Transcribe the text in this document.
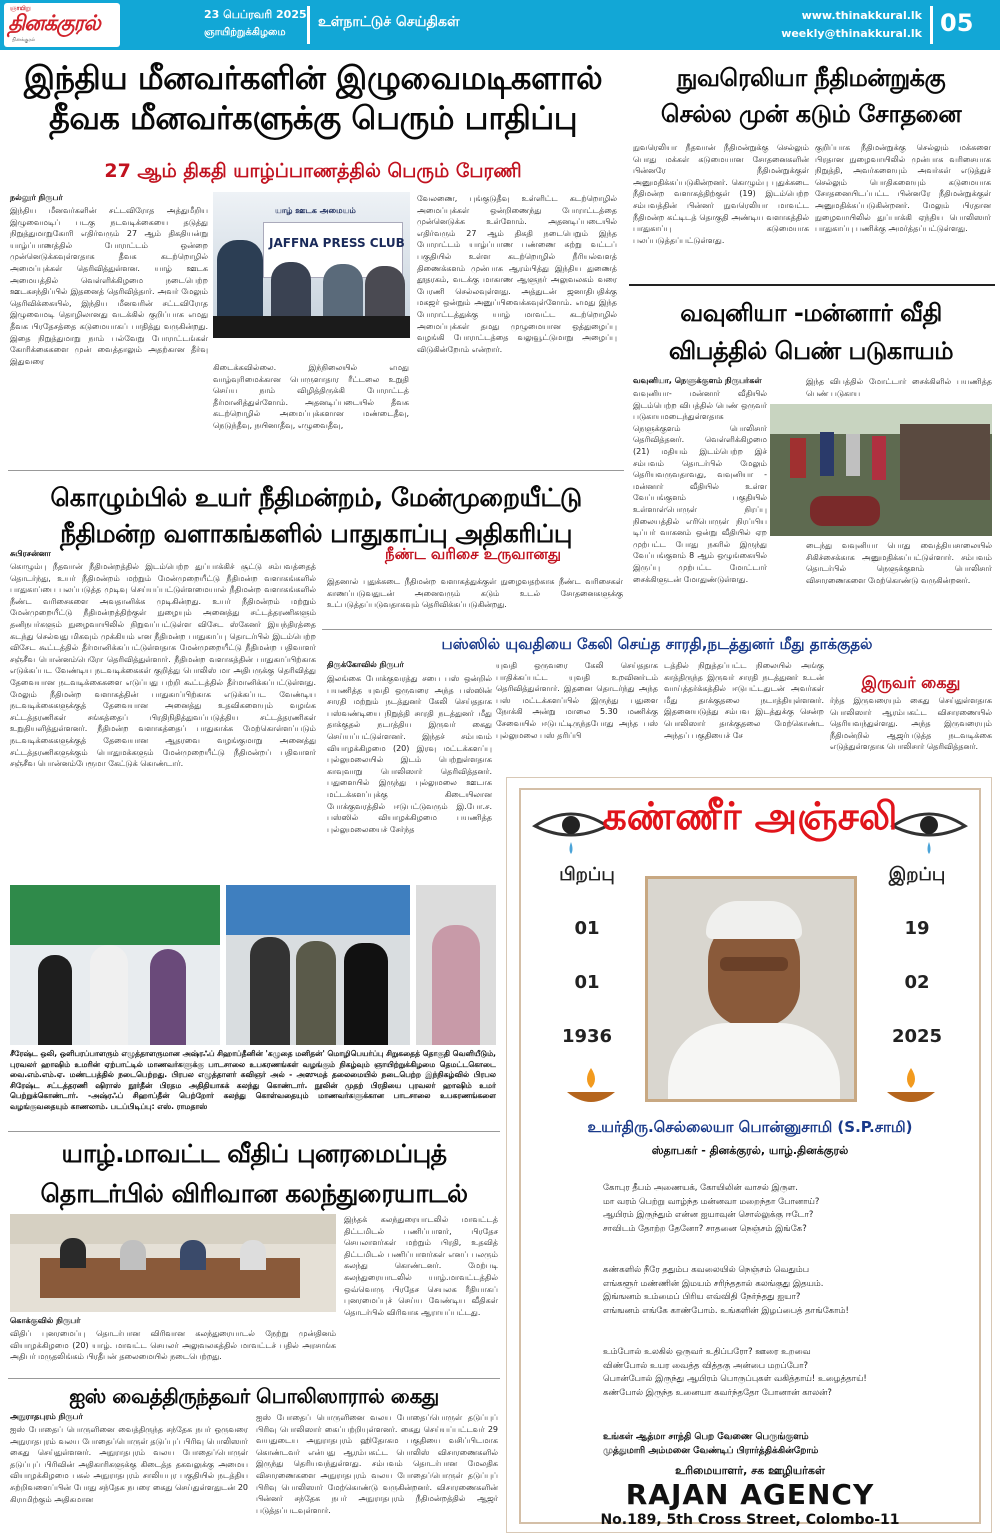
ஞாயிறு
தினக்குரல்
தினக்குரல்
23 பெப்ரவரி 2025
ஞாயிற்றுக்கிழமை
உள்நாட்டுச் செய்திகள்	www.thinakkural.lk
weekly@thinakkural.lk 05
இந்திய மீனவர்களின் இழுவைமடிகளால்
தீவக மீனவர்களுக்கு பெரும் பாதிப்பு
27 ஆம் திகதி யாழ்ப்பாணத்தில் பெரும் பேரணி
நல்லூர் நிருபர்
இந்திய மீனவர்களின் சட்டவிரோத அத்துமீறிய இழுவைமடிப் படகு நடவடிக்கையை தடுத்து நிறுத்துமாறுகோரி எதிர்வரும் 27 ஆம் திகதியன்று யாழ்ப்பாணத்தில் போராட்டம் ஒன்றை முன்னெடுக்கவுள்ளதாக தீவக கடற்றொழில் அமைப்புக்கள் தெரிவித்துள்ளன. யாழ் ஊடக அமையத்தில் வெள்ளிக்கிழமை நடைபெற்ற ஊடகசந்திப்பில் இதனைத் தெரிவித்தார். அவர் மேலும் தெரிவிக்கையில், இந்திய மீனவரின் சட்டவிரோத இழுவைமடி தொழிலானது வடக்கில் குறிப்பாக எமது தீவக பிரதேசத்தை கடுமையாகப் பாதித்து வருகின்றது. இதை நிறுத்துமாறு நாம் பல்வேறு போராட்டங்கள் கோரிக்கைகளை முன் வைத்தாலும் அதற்கான தீர்வு இதுவரை
யாழ் ஊடக அமையம்
JAFFNA PRESS CLUB
கிடைக்கவில்லை. இந்நிலையில் எமது வாழ்வுரிமைக்கான பொருளாதார ரீட்டலை உறுதி செய்ய நாம் விழித்திருக்கி போராட்டத் தீர்மானித்துள்ளோம். அதனடிப்படையில் தீவக கடற்றொழில் அமைப்புக்களான மண்டைதீவு, நெடுந்தீவு, நயினாதீவு, எழுவைதீவு,
வேலணை, புங்குடுதீவு உள்ளிட்ட கடற்றொழில் அமைப்புக்கள் ஒன்றிணைந்து போராட்டத்தை முன்னெடுக்க உள்ளோம். அதனடிப்படையில் எதிர்வரும் 27 ஆம் திகதி நடைபெறும் இந்த போராட்டம் யாழ்ப்பாண பண்ணை சுற்று வட்டப் பகுதியில் உள்ள கடற்றொழில் நீரியல்வளத் திணைக்களம் முன்பாக ஆரம்பித்து இந்திய துணைத் தூதரகம், வடக்கு மாகாண ஆளுநர் அலுவலகம் வரை பேரணி செல்லவுள்ளது. அத்துடன் ஜனாதிபதிக்கு மகஜர் ஒன்றும் அனுப்பிவைக்கவுள்ளோம். எமது இந்த போராட்டத்துக்கு யாழ் மாவட்ட கடற்றொழில் அமைப்புக்கள் தமது முழுமையான ஒத்துழைப்பு வழங்கி போராட்டத்தை வலுவூட்டுமாறு அழைப்பு விடுகின்றோம் என்றார்.
நுவரெலியா நீதிமன்றுக்கு
செல்ல முன் கடும் சோதனை
நுவரெலியா நீதவான் நீதிமன்றுக்கு செல்லும் பொது மக்கள் கடுமையான சோதனைகளின் பின்னரே நீதிமன்றுக்குள் அனுமதிக்கப்படுகின்றனர். கொழும்பு புதுக்கடை நீதிமன்ற வளாகத்திற்குள் (19) இடம்பெற்ற சம்பவத்தின் பின்னர் நுவரெலியா மாவட்ட நீதிமன்ற கட்டிடத் தொகுதி அண்டிய வளாகத்தில் பாதுகாப்பு கடுமையாக பலப்படுத்தப்பட்டுள்ளது.
குறிப்பாக நீதிமன்றுக்கு செல்லும் மக்களை பிரதான நுழைவாயிலில் முன்பாக வரிசையாக நிறுத்தி, அவர்களையும் அவர்கள் எடுத்துச் செல்லும் பொதிகளையும் கடுமையாக சோதனையிடப்பட்ட பின்னரே நீதிமன்றுக்குள் அனுமதிக்கப்படுகின்றனர். மேலும் பிரதான நுழைவாயிலில் துப்பாக்கி ஏந்திய பொலிஸார் பாதுகாப்பு பணிக்கு அமர்த்தப்பட்டுள்ளது.
வவுனியா -மன்னார் வீதி
விபத்தில் பெண் படுகாயம்
வவுனியா, நெளுக்குளம் நிருபர்கள்
வவுனியா- மன்னார் வீதியில் இடம்பெற்ற விபத்தில் பெண் ஒருவர் படுகாயமடைந்துள்ளதாக நெளுக்குளம் பொலிசார் தெரிவித்தனர். வெள்ளிக்கிழமை (21) மதியம் இடம்பெற்ற இச் சம்பவம் தொடர்பில் மேலும் தெரியவருவதாவது, வவுனியா - மன்னார் வீதியில் உள்ள வேப்பங்குளம் பகுதியில் உள்ளாள்பொருள் நிரப்பு நிலையத்தில் எரிபொருள் நிரப்பிய டிப்பர் வாகனம் ஒன்று வீதியில் ஏற முற்பட்ட போது நகரில் இருந்து வேப்பங்குளம் 8 ஆம் ஒழுங்கையில் இருப்பு முற்பட்ட மோட்டார் சைக்கிளுடன் மோதுண்டுள்ளது.
இந்த விபத்தில் மோட்டார் சைக்கிளில் பயணித்த பெண் படுகாய
டைந்து வவுனியா பொது வைத்தியசாலையில் சிகிச்சைக்காக அனுமதிக்கப்பட்டுள்ளார். சம்பவம் தொடர்பில் நெளுக்குளம் பொலிசார் விசாரணைகளை மேற்கொண்டு வருகின்றனர்.
கொழும்பில் உயர் நீதிமன்றம், மேன்முறையீட்டு
நீதிமன்ற வளாகங்களில் பாதுகாப்பு அதிகரிப்பு
சுபிரசன்னா	நீண்ட வரிசை உருவானது
கொழும்பு நீதவான் நீதிமன்றத்தில் இடம்பெற்ற துப்பாக்கிச் சூட்டு சம்பவத்தைத் தொடர்ந்து, உயர் நீதிமன்றம் மற்றும் மேன்முறையீட்டு நீதிமன்ற வளாகங்களில் பாதுகாப்பை பலப்படுத்த முடிவு செய்யப்பட்டுள்ளமையால் நீதிமன்ற வளாகங்களில் நீண்ட வரிசைகளை அவதானிக்க முடிகின்றது. உயர் நீதிமன்றம் மற்றும் மேன்முறையீட்டு நீதிமன்றத்திற்குள் நுழையும் அனைத்து சட்டத்தரணிகளும் தனிநபர்களும் நுழைவாயிலில் நிறுவப்பட்டுள்ள விசேட ஸ்கேனர் இயந்திரத்தை கடந்து செல்வது மிகவும் முக்கியம் என நீதிமன்ற பாதுகாப்பு தொடர்பில் இடம்பெற்ற விசேட கூட்டத்தில் தீர்மானிக்கப்பட்டுள்ளதாக மேன்முறையீட்டு நீதிமன்ற பதிவாளர் சஞ்சீவ பொன்னம்பெரோ தெரிவித்துள்ளார். நீதிமன்ற வளாகத்தின் பாதுகாப்பிற்காக எடுக்கப்பட வேண்டிய நடவடிக்கைகள் குறித்து பொலிஸ் மா அதிபருக்கு தெரிவித்து தேவையான நடவடிக்கைகளை எடுப்பது பற்றி கூட்டத்தில் தீர்மானிக்கப்பட்டுள்ளது. மேலும் நீதிமன்ற வளாகத்தின் பாதுகாப்பிற்காக எடுக்கப்பட வேண்டிய நடவடிக்கைகளுக்குத் தேவையான அனைத்து உதவிகளையும் வழங்க சட்டத்தரணிகள் சங்கத்தைப் பிரதிநிதித்துவப்படுத்திய சட்டத்தரணிகள் உறுதியளித்துள்ளனர். நீதிமன்ற வளாகத்தைப் பாதுகாக்க மேற்கொள்ளப்படும் நடவடிக்கைகளுக்குத் தேவையான ஆதரவை வழங்குமாறு அனைத்து சட்டத்தரணிகளுக்கும் பொதுமக்களும் மேன்முறையீட்டு நீதிமன்றப் பதிவாளர் சஞ்சீவ பொன்னம்பேரூமா கேட்டுக் கொண்டார்.
இதனால் புதுக்கடை நீதிமன்ற வளாகத்துக்குள் நுழைவதற்காக நீண்ட வரிசைகள் காணப்படுவதுடன் அனைவரும் கடும் உடல் சோதனைகளுக்கு உட்படுத்தப்படுவதாகவும் தெரிவிக்கப்படுகின்றது.
பஸ்ஸில் யுவதியை கேலி செய்த சாரதி,நடத்துனர் மீது தாக்குதல்
திருக்கோவில் நிருபர்
இலங்கை போக்குவரத்து சபை பஸ் ஒன்றில் பயணித்த யுவதி ஒருவரை அந்த பஸ்ஸின் சாரதி மற்றும் நடத்துனர் கேலி செய்ததாக பஸ்வண்டியை நிறுத்தி சாரதி நடத்துனர் மீது தாக்குதல் நடாத்திய இருவர் கைது செய்யப்பட்டுள்ளனர். இந்தச் சம்பவம் வியாழக்கிழமை (20) இரவு மட்டக்களப்பு புல்லுமலையில் இடம் பெற்றுள்ளதாக காவுவாறு பொலிஸார் தெரிவித்தனர். பதுளையில் இருந்து புல்லுமலை ஊடாக மட்டக்களப்புக்கு கிடையிலான போக்குவரத்தில் ஈடுபட்டுவரும் இ.போ.ச. பஸ்ஸில் வியாழக்கிழமை பயணித்த புல்லுமலையைச் சேர்ந்த
யுவதி ஒருவரை கேலி செய்ததாக பாதிக்கப்பட்ட யுவதி உறவினர்டம் தெரிவித்துள்ளார். இதனை தொடர்ந்து அந்த பஸ் மட்டக்களப்பில் இருந்து பதுளை நோக்கி அன்று மாலை 5.30 மணிக்கு சேவையில் ஈடுபட்டிருந்தபோது அந்த பஸ் புல்லுமலை பஸ் தரிப்பி
டத்தில் நிறுத்தப்பட்ட நிலையில் அங்கு காத்திருந்த இருவர் சாரதி நடத்துனர் உடன் வாய்த்தர்க்கத்தில் ஈடுபட்டதுடன் அவர்கள் மீது தாக்குதலை நடாத்தியுள்ளனர். இதனையடுத்து சம்பவ இடத்துக்கு சென்ற பொலிஸார் தாக்குதலை மேற்கொண்ட அந்தப் பகுதியைச் சே
இருவர் கைது
ர்ந்த இருவரையும் கைது செய்துள்ளதாக பொலிஸார் ஆரம்பகட்ட விசாரணையில் தெரியவந்துள்ளது. அந்த இருவரையும் நீதிமன்றில் ஆஜர்படுத்த நடவடிக்கை எடுத்துள்ளதாக பொலிசார் தெரிவித்தனர்.
சீரேஷ்ட ஒலி, ஒளிபரப்பாளரும் எழுத்தாளருமான அஷ்ரஃப் சிஹாப்தீனின் 'கழுதை மனிதன்' மொழிபெயர்ப்பு சிறுகதைத் தொகுதி வெளியீடும், புரவலர் ஹாஷிம் உமரின் ஏற்பாட்டில் மாணவர்களுக்கு பாடசாலை உபகரணங்கள் வழங்கும் நிகழ்வும் ஞாயிற்றுக்கிழமை தெமட்டகொடை வை.எம்.எம்.ஏ. மண்டபத்தில் நடைபெற்றது. பிரபல எழுத்தாளர் கவிஞர் அல் - அஸுமத் தலைமையில் நடைபெற்ற இந்நிகழ்வில் பிரபல சிரேஷ்ட சட்டத்தரணி ஷிராஸ் நூர்தீன் பிரதம அதிதியாகக் கலந்து கொண்டார். நூலின் முதற் பிரதியை புரவலர் ஹாஷிம் உமர் பெற்றுக்கொண்டார். -அஷ்ரஃப் சிஹாப்தீன் பெற்றோர் கலந்து கொள்வதையும் மாணவர்களுக்கான பாடசாலை உபகரணங்களை வழங்குவதையும் காணலாம். படப்பிடிப்பு: எஸ். ராமதாஸ்
யாழ்.மாவட்ட வீதிப் புனரமைப்புத்
தொடர்பில் விரிவான கலந்துரையாடல்
கொக்குவில் நிருபர்
விதிப் புனரமைப்பு தொடர்பான விரிவான கலந்துரையாடல் நேற்று முன்தினம் வியாழக்கிழமை (20) யாழ். மாவட்ட செயலர் அலுவலகத்தில் மாவட்டச் பதில் அரசாங்க அதிபர் மருதலிங்கம் பிரதீபன் தலைமையில் நடைபெற்றது.
இந்தக் கலந்துரையாடலில் மாவட்டத் திட்டமிடல் பணிப்பாளர், பிரதேச செயலாளர்கள் மற்றும் பிரதி, உதவித் திட்டமிடல் பணிப்பாளர்கள் எனப் பலரும் கலந்து கொண்டனர். மேற்படி கலந்துரையாடலில் யாழ்.மாவட்டத்தில் ஒவ்வொரு பிரதேச செயலக ரீதியாகப் புனரமைப்புச் செய்ய வேண்டிய வீதிகள் தொடர்பில் விரிவாக ஆராயப்பட்டது.
ஐஸ் வைத்திருந்தவர் பொலிஸாரால் கைது
அநுராதபுரம் நிருபர்
ஐஸ் போதைப் பொருளினை வைத்திருந்த சந்தேக நபர் ஒருவரை அநுராதபுரம் வலய போதைப்பொருள் தடுப்புப் பிரிவு பொலிஸார் கைது செய்துள்ளனர். அநுராதபுரம் வலய போதைப்பொருள் தடுப்புப் பிரிவின் அதிகாரிகளுக்கு கிடைத்த தகவலுக்கு அமைய வியாழக்கிழமை பகல் அநுராதபுரம் சாலியபுர பகுதியில் நடத்திய சுற்றிவளைப்பின் போது சந்தேக நபரை கைது செய்துள்ளதுடன் 20 கிராமிற்கும் அதிகமான
ஐஸ் போதைப் பொருளினை வலய போதைப்பொருள் தடுப்புப் பிரிவு பொலிஸார் கைப்பற்றியுள்ளனர். கைது செய்யப்பட்டவர் 29 வயதுடைய அநுராதபுரம் ஹிதோகம பகுதியை வசிப்பிடமாக கொண்டவர் என்பது ஆரம்பகட்ட பொலிஸ் விசாரணைகளில் இருந்து தெரியவந்துள்ளது. சம்பவம் தொடர்பான மேலதிக விசாரணைகளை அநுராதபுரம் வலய போதைப்பொருள் தடுப்புப் பிரிவு பொலிஸார் மேற்கொண்டு வருகின்றனர். விசாரணைகளின் பின்னர் சந்தேக நபர் அநுராதபுரம் நீதிமன்றத்தில் ஆஜர் படுத்தப்படவுள்ளார்.
கண்ணீர் அஞ்சலி
பிறப்பு	இறப்பு
01	19
01	02
1936	2025
உயர்திரு.செல்லையா பொன்னுசாமி (S.P.சாமி)
ஸ்தாபகர் - தினக்குரல், யாழ்.தினக்குரல்
கோபுர தீபம் அணையக், கோயிலின் வாசல் இருள.
மா வரம் பெற்று வாழ்ந்த மன்னவா மறைந்தா போனாய்?
ஆயிரம் இருந்தும் என்ன ஐயாவுன் சொல்லுக்கு ஈடோ?
சாவிடம் தோற்ற தேனோ? சாதனை நெஞ்சம் இங்கே?
கண்களில் நீரே ததும்ப கவலையில் நெஞ்சம் வெதும்ப
எங்களூர் மண்ணின் இமயம் சரிந்ததால் கலங்குது இதயம்.
இங்ஙனம் உம்மைப் பிரிய எவ்விதி நேர்ந்தது ஐயா?
எங்ஙனம் எங்கே காண்போம். உங்களின் இழப்பைத் தாங்கோம்!
உம்போல் உலகில் ஒருவர் உதிப்பரோ? ஊரை உறவை
விண்போல் உயர வைத்த வித்தகு அன்பை மறப்போ?
பொன்போல் இருந்து ஆயிரம் பொருப்புகள் வகித்தாய்! உழைத்தாய்!
கண்போல் இருந்த உனையா கவர்ந்ததோ போனான் காலன்?
உங்கள் ஆத்மா சாந்தி பெற வேணை பெருங்குளம்
முத்துமாரி அம்மனை வேண்டிப் பிரார்த்திக்கின்றோம்
உரிமையாளர், சக ஊழியர்கள்
RAJAN AGENCY
No.189, 5th Cross Street, Colombo-11
